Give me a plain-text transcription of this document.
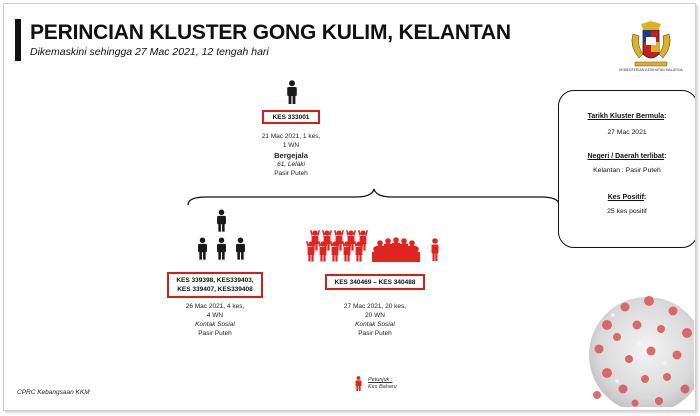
PERINCIAN KLUSTER GONG KULIM, KELANTAN
Dikemaskini sehingga 27 Mac 2021, 12 tengah hari
KEMENTERIAN KESIHATAN MALAYSIA
KES 333001
21 Mac 2021, 1 kes,
1 WN
Bergejala
61, Lelaki
Pasir Puteh
KES 339398, KES339403,
KES 339407, KES339408
26 Mac 2021, 4 kes,
4 WN
Kontak Sosial
Pasir Puteh
KES 340469 – KES 340488
27 Mac 2021, 20 kes,
20 WN
Kontak Sosial
Pasir Puteh
Tarikh Kluster Bermula:
27 Mac 2021
Negeri / Daerah terlibat:
Kelantan : Pasir Puteh
Kes Positif:
25 kes positif
Petunjuk :
Kes Baharu
CPRC Kebangsaan KKM
